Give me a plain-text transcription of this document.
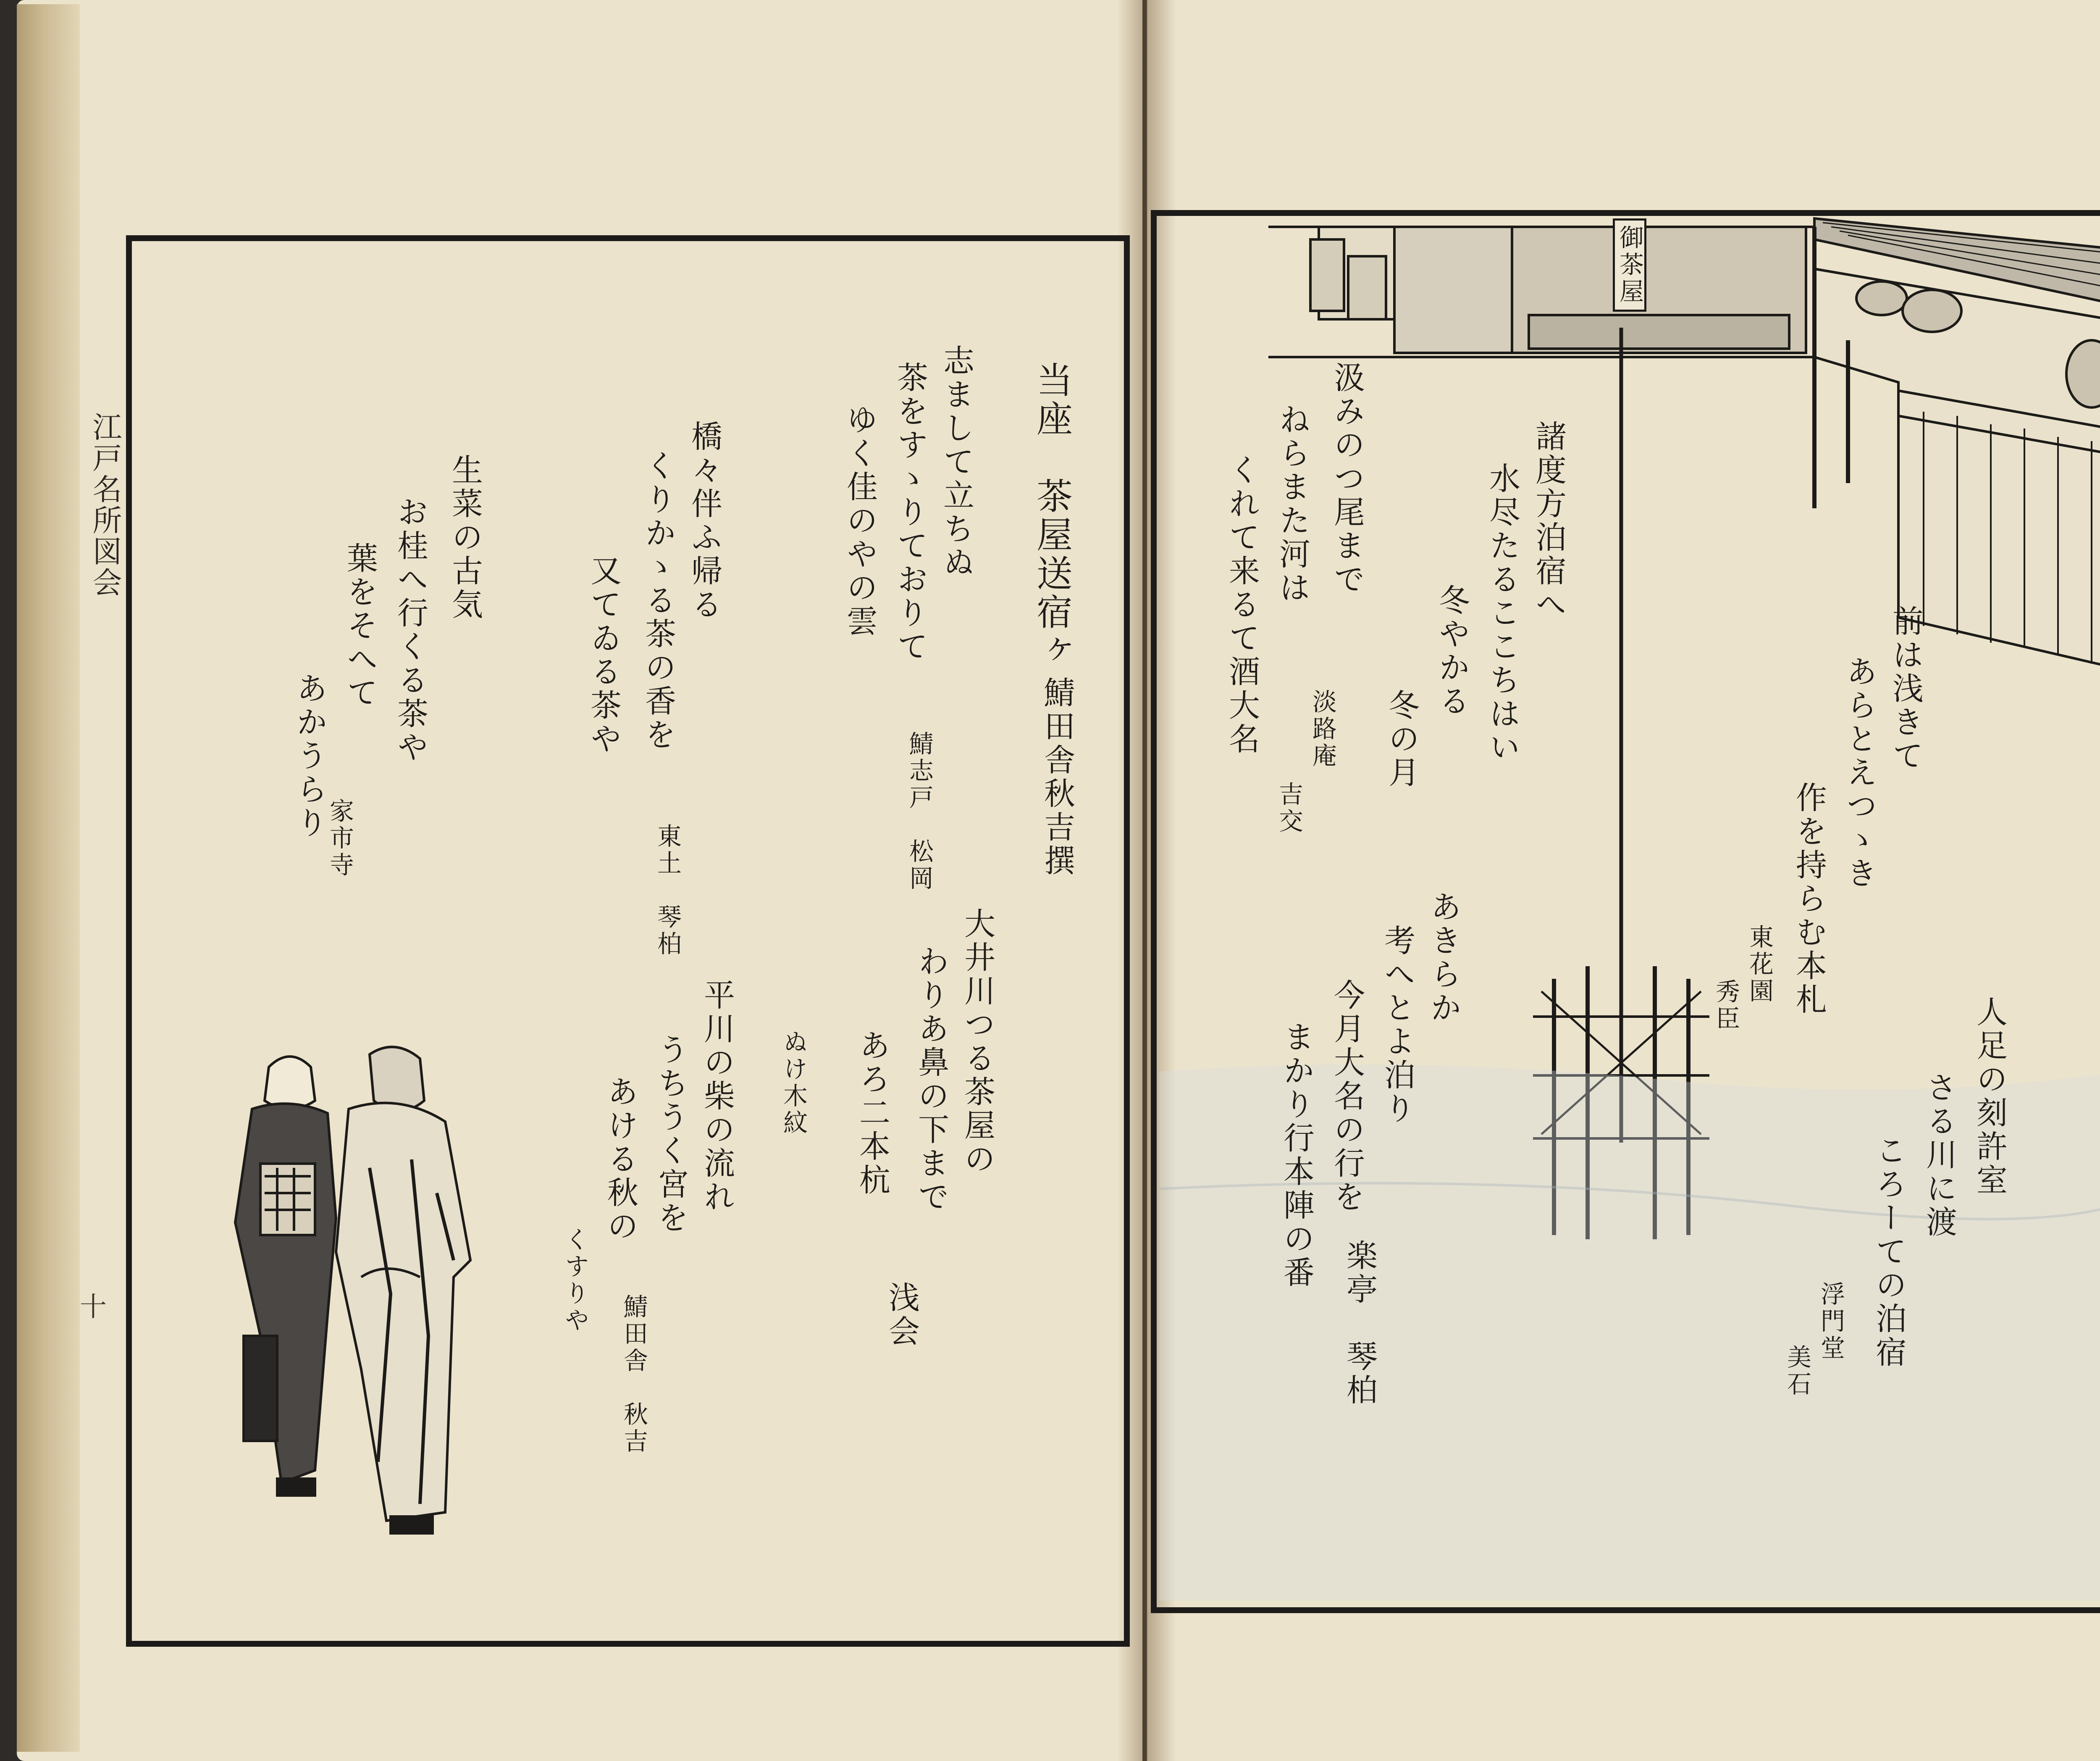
江戸名所図会
十
当座　茶屋送宿ヶ
鯖田舎秋吉撰
志まして立ちぬ
茶をすゝりておりて
ゆく佳のやの雲
鯖志戸　松岡
橋々伴ふ帰る
くりかゝる茶の香を
又てゐる茶や
東土　琴柏
大井川つる茶屋の
わりあ鼻の下まで
あろ二本杭
浅会
ぬけ木紋
平川の柴の流れ
うちうく宮を
あける秋の
くすりや
鯖田舎　秋吉
生菜の古気
お桂へ行くる茶や
葉をそへて
あかうらり
家市寺
御茶屋
諸度方泊宿へ
水尽たるここちはい
冬やかる
冬の月
淡路庵
吉交
汲みのつ尾まで
ねらまた河は
くれて来るて酒大名
あきらか
考へとよ泊り
今月大名の行を
まかり行本陣の番
楽亭　琴柏
前は浅きて
あらとえつゝき
作を持らむ本札
東花園
秀臣	人足の刻許室
さる川に渡
ころーての泊宿
浮門堂
美石
